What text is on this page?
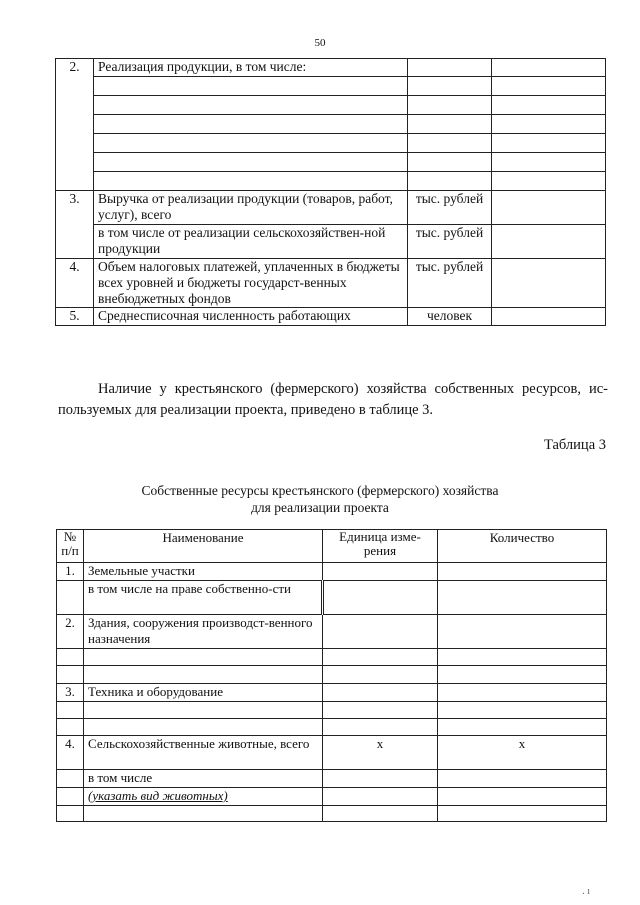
50
2.	Реализация продукции, в том числе:		

3.	Выручка от реализации продукции (товаров, работ, услуг), всего	тыс. рублей	
	в том числе от реализации сельскохозяйствен-ной продукции	тыс. рублей	
4.	Объем налоговых платежей, уплаченных в бюджеты всех уровней и бюджеты государст-венных внебюджетных фондов	тыс. рублей	
5.	Среднесписочная численность работающих	человек	
Наличие у крестьянского (фермерского) хозяйства собственных ресурсов, ис-пользуемых для реализации проекта, приведено в таблице 3.
Таблица 3
Собственные ресурсы крестьянского (фермерского) хозяйства
для реализации проекта
№ п/п	Наименование	Единица изме-рения	Количество
1.	Земельные участки		
	в том числе на праве собственно-сти		
2.	Здания, сооружения производст-венного назначения		

3.	Техника и оборудование		

4.	Сельскохозяйственные животные, всего	х	х
	в том числе		
	(указать вид животных)		

. ı
